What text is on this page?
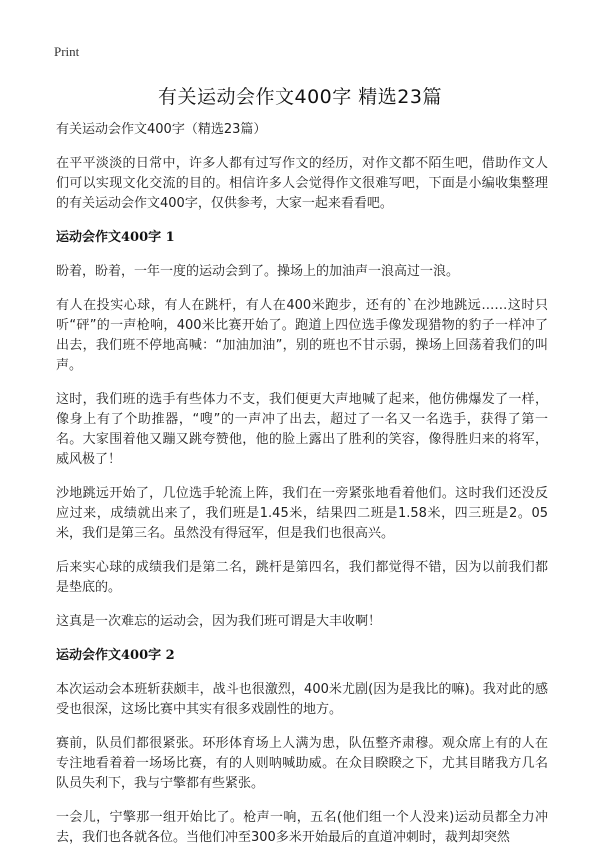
Print
有关运动会作文400字 精选23篇

有关运动会作文400字（精选23篇）

在平平淡淡的日常中，许多人都有过写作文的经历，对作文都不陌生吧，借助作文人们可以实现文化交流的目的。相信许多人会觉得作文很难写吧，下面是小编收集整理的有关运动会作文400字，仅供参考，大家一起来看看吧。

运动会作文400字 1

盼着，盼着，一年一度的运动会到了。操场上的加油声一浪高过一浪。

有人在投实心球，有人在跳杆，有人在400米跑步，还有的`在沙地跳远……这时只听“砰”的一声枪响，400米比赛开始了。跑道上四位选手像发现猎物的豹子一样冲了出去，我们班不停地高喊：“加油加油”，别的班也不甘示弱，操场上回荡着我们的叫声。

这时，我们班的选手有些体力不支，我们便更大声地喊了起来，他仿佛爆发了一样，像身上有了个助推器，“嗖”的一声冲了出去，超过了一名又一名选手，获得了第一名。大家围着他又蹦又跳夸赞他，他的脸上露出了胜利的笑容，像得胜归来的将军，威风极了！

沙地跳远开始了，几位选手轮流上阵，我们在一旁紧张地看着他们。这时我们还没反应过来，成绩就出来了，我们班是1.45米，结果四二班是1.58米，四三班是2。05米，我们是第三名。虽然没有得冠军，但是我们也很高兴。

后来实心球的成绩我们是第二名，跳杆是第四名，我们都觉得不错，因为以前我们都是垫底的。

这真是一次难忘的运动会，因为我们班可谓是大丰收啊！

运动会作文400字 2

本次运动会本班斩获颇丰，战斗也很激烈，400米尤剧(因为是我比的嘛)。我对此的感受也很深，这场比赛中其实有很多戏剧性的地方。

赛前，队员们都很紧张。环形体育场上人满为患，队伍整齐肃穆。观众席上有的人在专注地看着着一场场比赛，有的人则呐喊助威。在众目睽睽之下，尤其目睹我方几名队员失利下，我与宁擎都有些紧张。

一会儿，宁擎那一组开始比了。枪声一响，五名(他们组一个人没来)运动员都全力冲去，我们也各就各位。当他们冲至300多米开始最后的直道冲刺时，裁判却突然
